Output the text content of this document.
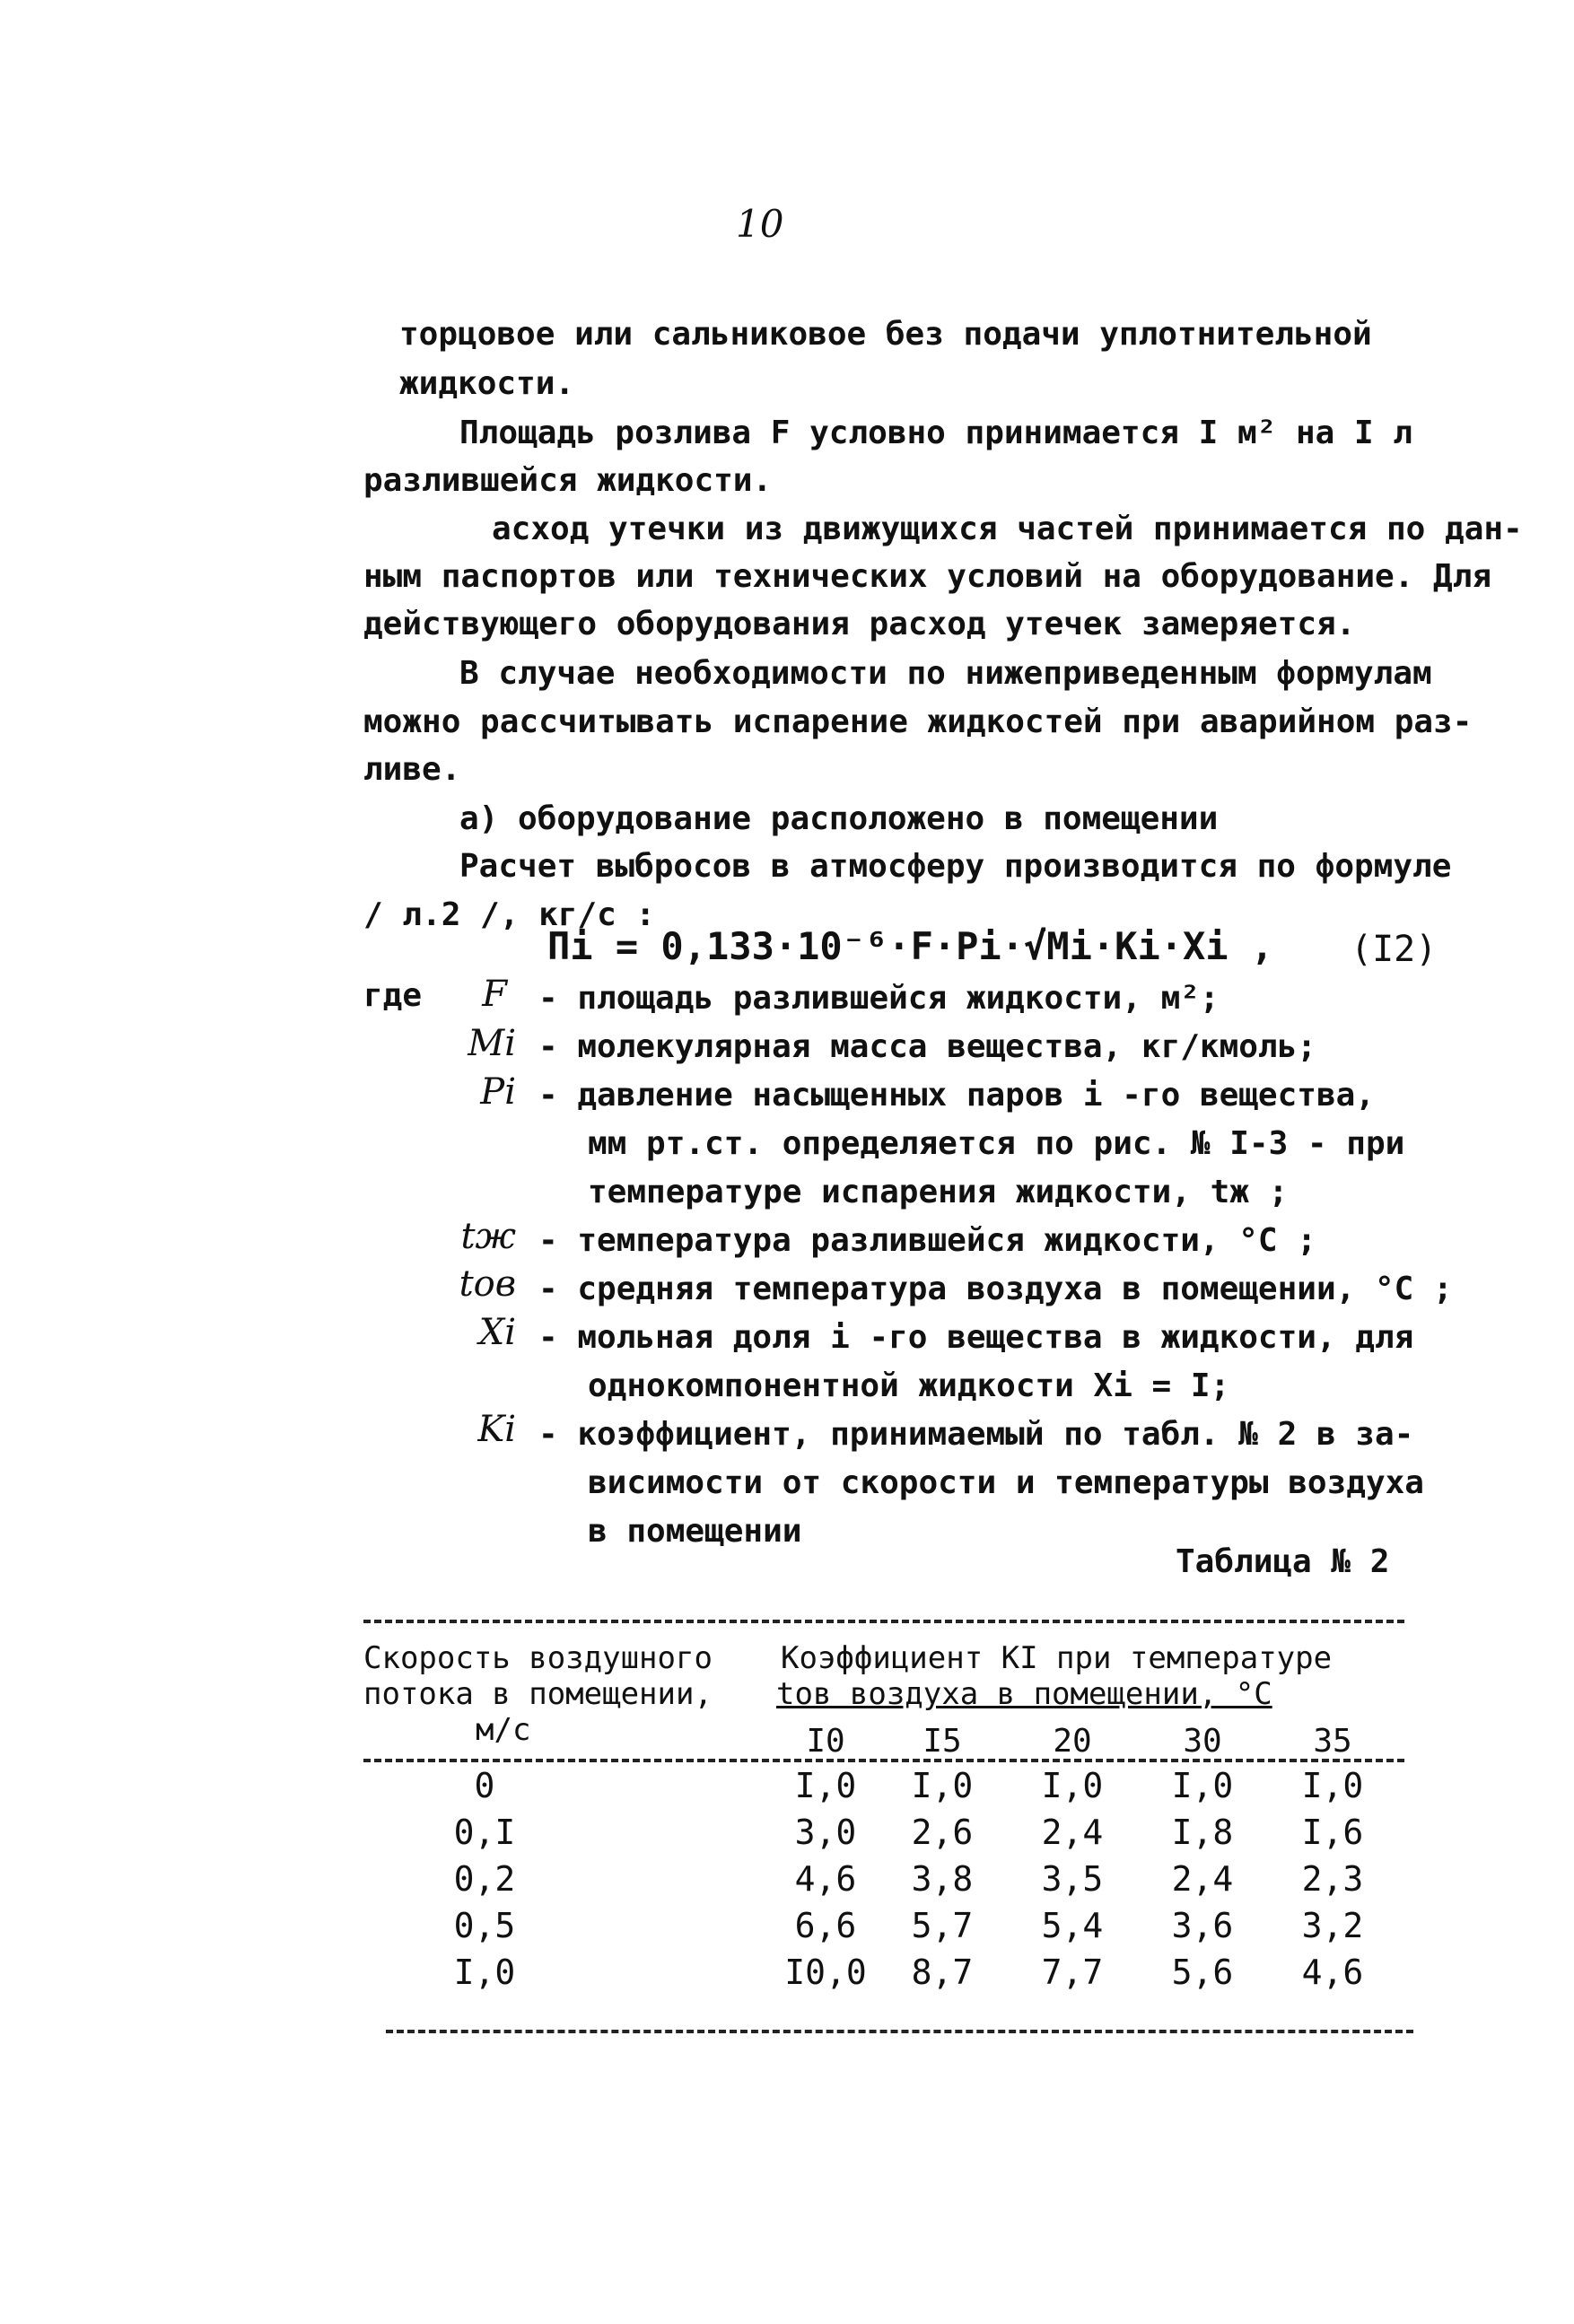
10
торцовое или сальниковое без подачи уплотнительной
жидкости.
Площадь розлива F условно принимается I м² на I л
разлившейся жидкости.
асход утечки из движущихся частей принимается по дан-
ным паспортов или технических условий на оборудование. Для
действующего оборудования расход утечек замеряется.
В случае необходимости по нижеприведенным формулам
можно рассчитывать испарение жидкостей при аварийном раз-
ливе.
а) оборудование расположено в помещении
Расчет выбросов в атмосферу производится по формуле
/ л.2 /, кг/с :
Пi = 0,133·10⁻⁶·F·Pi·√Mi·Ki·Xi , (I2)
где	F - площадь разлившейся жидкости, м²;
Mi - молекулярная масса вещества, кг/кмоль;
Pi - давление насыщенных паров i -го вещества,
мм рт.ст. определяется по рис. № I-3 - при
температуре испарения жидкости, tж ;
tж - температура разлившейся жидкости, °С ;
tов - средняя температура воздуха в помещении, °С ;
Xi - мольная доля i -го вещества в жидкости, для
однокомпонентной жидкости Xi = I;
Ki - коэффициент, принимаемый по табл. № 2 в за-
висимости от скорости и температуры воздуха
в помещении
Таблица № 2
Скорость воздушного
потока в помещении,
м/с
Коэффициент KI при температуре
tов воздуха в помещении, °С
I0	I5	20	30	35
0	I,0	I,0	I,0	I,0	I,0
0,I	3,0	2,6	2,4	I,8	I,6
0,2	4,6	3,8	3,5	2,4	2,3
0,5	6,6	5,7	5,4	3,6	3,2
I,0	I0,0	8,7	7,7	5,6	4,6
